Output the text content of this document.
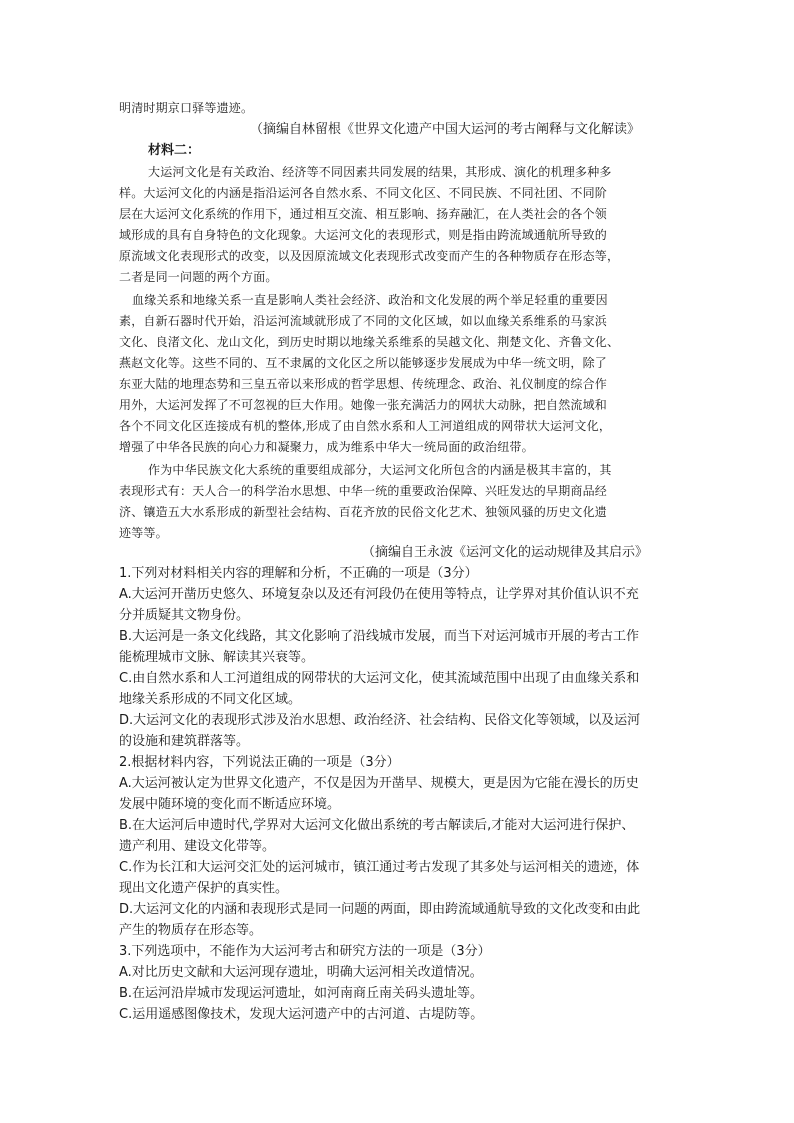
明清时期京口驿等遗迹。
（摘编自林留根《世界文化遗产中国大运河的考古阐释与文化解读》
材料二：
大运河文化是有关政治、经济等不同因素共同发展的结果，其形成、演化的机理多种多
样。大运河文化的内涵是指沿运河各自然水系、不同文化区、不同民族、不同社团、不同阶
层在大运河文化系统的作用下，通过相互交流、相互影响、扬弃融汇，在人类社会的各个领
域形成的具有自身特色的文化现象。大运河文化的表现形式，则是指由跨流域通航所导致的
原流域文化表现形式的改变，以及因原流域文化表现形式改变而产生的各种物质存在形态等，
二者是同一问题的两个方面。
血缘关系和地缘关系一直是影响人类社会经济、政治和文化发展的两个举足轻重的重要因
素，自新石器时代开始，沿运河流域就形成了不同的文化区域，如以血缘关系维系的马家浜
文化、良渚文化、龙山文化，到历史时期以地缘关系维系的吴越文化、荆楚文化、齐鲁文化、
燕赵文化等。这些不同的、互不隶属的文化区之所以能够逐步发展成为中华一统文明，除了
东亚大陆的地理态势和三皇五帝以来形成的哲学思想、传统理念、政治、礼仪制度的综合作
用外，大运河发挥了不可忽视的巨大作用。她像一张充满活力的网状大动脉，把自然流域和
各个不同文化区连接成有机的整体,形成了由自然水系和人工河道组成的网带状大运河文化，
增强了中华各民族的向心力和凝聚力，成为维系中华大一统局面的政治纽带。
作为中华民族文化大系统的重要组成部分，大运河文化所包含的内涵是极其丰富的，其
表现形式有：天人合一的科学治水思想、中华一统的重要政治保障、兴旺发达的早期商品经
济、镶造五大水系形成的新型社会结构、百花齐放的民俗文化艺术、独领风骚的历史文化遗
迹等等。
（摘编自王永波《运河文化的运动规律及其启示》
1.下列对材料相关内容的理解和分析，不正确的一项是（3分）
A.大运河开凿历史悠久、环境复杂以及还有河段仍在使用等特点，让学界对其价值认识不充
分并质疑其文物身份。
B.大运河是一条文化线路，其文化影响了沿线城市发展，而当下对运河城市开展的考古工作
能梳理城市文脉、解读其兴衰等。
C.由自然水系和人工河道组成的网带状的大运河文化，使其流域范围中出现了由血缘关系和
地缘关系形成的不同文化区域。
D.大运河文化的表现形式涉及治水思想、政治经济、社会结构、民俗文化等领域，以及运河
的设施和建筑群落等。
2.根据材料内容，下列说法正确的一项是（3分）
A.大运河被认定为世界文化遗产，不仅是因为开凿早、规模大，更是因为它能在漫长的历史
发展中随环境的变化而不断适应环境。
B.在大运河后申遗时代,学界对大运河文化做出系统的考古解读后,才能对大运河进行保护、
遗产利用、建设文化带等。
C.作为长江和大运河交汇处的运河城市，镇江通过考古发现了其多处与运河相关的遗迹，体
现出文化遗产保护的真实性。
D.大运河文化的内涵和表现形式是同一问题的两面，即由跨流域通航导致的文化改变和由此
产生的物质存在形态等。
3.下列选项中，不能作为大运河考古和研究方法的一项是（3分）
A.对比历史文献和大运河现存遗址，明确大运河相关改道情况。
B.在运河沿岸城市发现运河遗址，如河南商丘南关码头遗址等。
C.运用遥感图像技术，发现大运河遗产中的古河道、古堤防等。
